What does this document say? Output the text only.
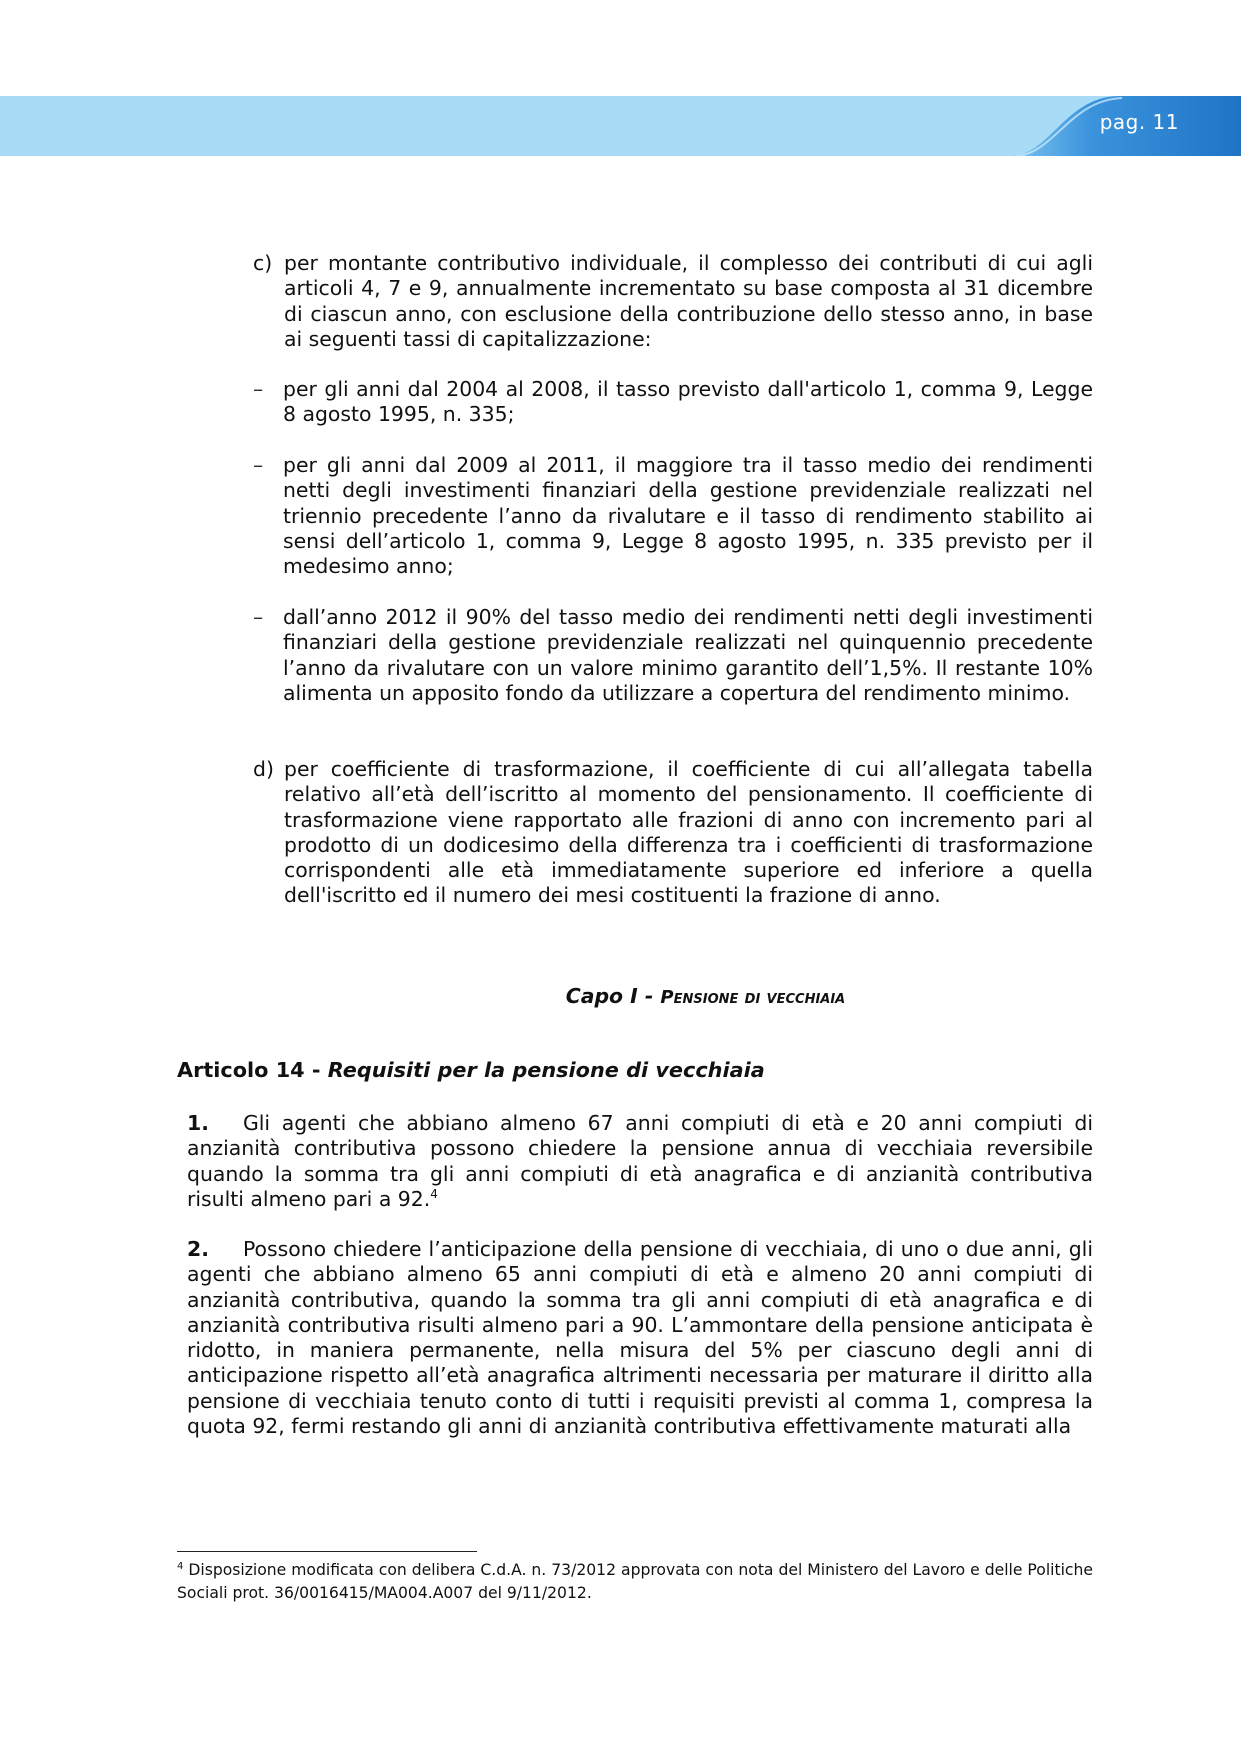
pag. 11
c) per montante contributivo individuale, il complesso dei contributi di cui agli articoli 4, 7 e 9, annualmente incrementato su base composta al 31 dicembre di ciascun anno, con esclusione della contribuzione dello stesso anno, in base ai seguenti tassi di capitalizzazione:
– per gli anni dal 2004 al 2008, il tasso previsto dall'articolo 1, comma 9, Legge 8 agosto 1995, n. 335;
– per gli anni dal 2009 al 2011, il maggiore tra il tasso medio dei rendimenti netti degli investimenti finanziari della gestione previdenziale realizzati nel triennio precedente l’anno da rivalutare e il tasso di rendimento stabilito ai sensi dell’articolo 1, comma 9, Legge 8 agosto 1995, n. 335 previsto per il medesimo anno;
– dall’anno 2012 il 90% del tasso medio dei rendimenti netti degli investimenti finanziari della gestione previdenziale realizzati nel quinquennio precedente l’anno da rivalutare con un valore minimo garantito dell’1,5%. Il restante 10% alimenta un apposito fondo da utilizzare a copertura del rendimento minimo.
d) per coefficiente di trasformazione, il coefficiente di cui all’allegata tabella relativo all’età dell’iscritto al momento del pensionamento. Il coefficiente di trasformazione viene rapportato alle frazioni di anno con incremento pari al prodotto di un dodicesimo della differenza tra i coefficienti di trasformazione corrispondenti alle età immediatamente superiore ed inferiore a quella dell'iscritto ed il numero dei mesi costituenti la frazione di anno.
Capo I - Pensione di vecchiaia
Articolo 14 - Requisiti per la pensione di vecchiaia
1. Gli agenti che abbiano almeno 67 anni compiuti di età e 20 anni compiuti di anzianità contributiva possono chiedere la pensione annua di vecchiaia reversibile quando la somma tra gli anni compiuti di età anagrafica e di anzianità contributiva risulti almeno pari a 92.$^4$
2. Possono chiedere l’anticipazione della pensione di vecchiaia, di uno o due anni, gli agenti che abbiano almeno 65 anni compiuti di età e almeno 20 anni compiuti di anzianità contributiva, quando la somma tra gli anni compiuti di età anagrafica e di anzianità contributiva risulti almeno pari a 90. L’ammontare della pensione anticipata è ridotto, in maniera permanente, nella misura del 5% per ciascuno degli anni di anticipazione rispetto all’età anagrafica altrimenti necessaria per maturare il diritto alla pensione di vecchiaia tenuto conto di tutti i requisiti previsti al comma 1, compresa la quota 92, fermi restando gli anni di anzianità contributiva effettivamente maturati alla
$^4$ Disposizione modificata con delibera C.d.A. n. 73/2012 approvata con nota del Ministero del Lavoro e delle Politiche Sociali prot. 36/0016415/MA004.A007 del 9/11/2012.
